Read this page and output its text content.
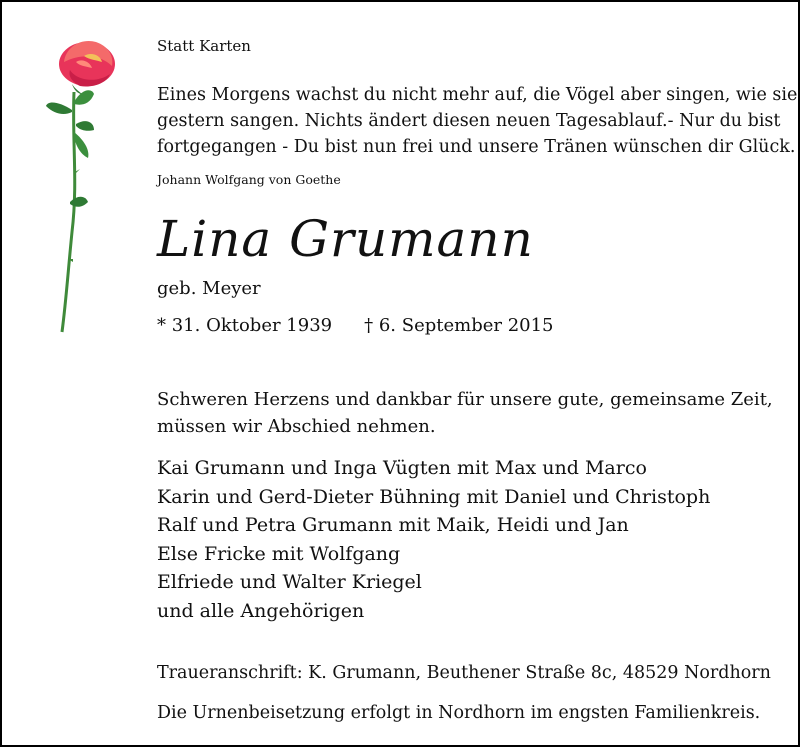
Statt Karten
Eines Morgens wachst du nicht mehr auf, die Vögel aber singen, wie sie
gestern sangen. Nichts ändert diesen neuen Tagesablauf.- Nur du bist
fortgegangen - Du bist nun frei und unsere Tränen wünschen dir Glück.
Johann Wolfgang von Goethe
Lina Grumann
geb. Meyer
* 31. Oktober 1939 † 6. September 2015
Schweren Herzens und dankbar für unsere gute, gemeinsame Zeit,
müssen wir Abschied nehmen.
Kai Grumann und Inga Vügten mit Max und Marco
Karin und Gerd-Dieter Bühning mit Daniel und Christoph
Ralf und Petra Grumann mit Maik, Heidi und Jan
Else Fricke mit Wolfgang
Elfriede und Walter Kriegel
und alle Angehörigen
Traueranschrift: K. Grumann, Beuthener Straße 8c, 48529 Nordhorn
Die Urnenbeisetzung erfolgt in Nordhorn im engsten Familienkreis.
